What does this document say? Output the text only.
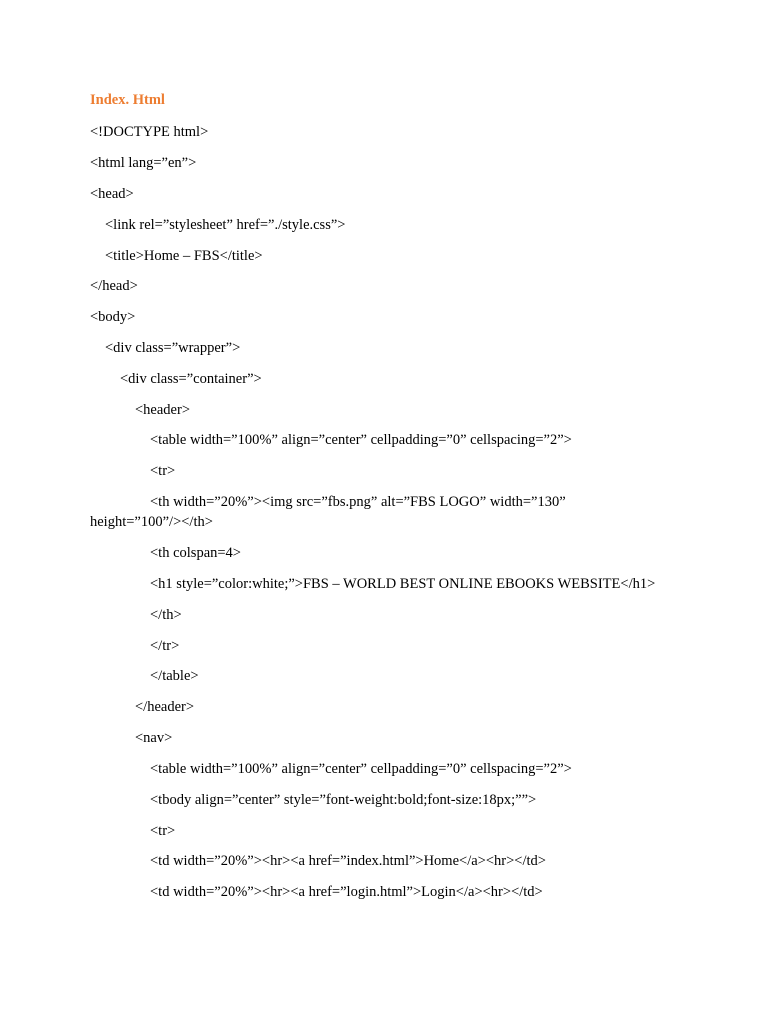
Index. Html
<!DOCTYPE html>
<html lang=”en”>
<head>
<link rel=”stylesheet” href=”./style.css”>
<title>Home – FBS</title>
</head>
<body>
<div class=”wrapper”>
<div class=”container”>
<header>
<table width=”100%” align=”center” cellpadding=”0” cellspacing=”2”>
<tr>
<th width=”20%”><img src=”fbs.png” alt=”FBS LOGO” width=”130”
height=”100”/></th>
<th colspan=4>
<h1 style=”color:white;”>FBS – WORLD BEST ONLINE EBOOKS WEBSITE</h1>
</th>
</tr>
</table>
</header>
<nav>
<table width=”100%” align=”center” cellpadding=”0” cellspacing=”2”>
<tbody align=”center” style=”font-weight:bold;font-size:18px;””>
<tr>
<td width=”20%”><hr><a href=”index.html”>Home</a><hr></td>
<td width=”20%”><hr><a href=”login.html”>Login</a><hr></td>
